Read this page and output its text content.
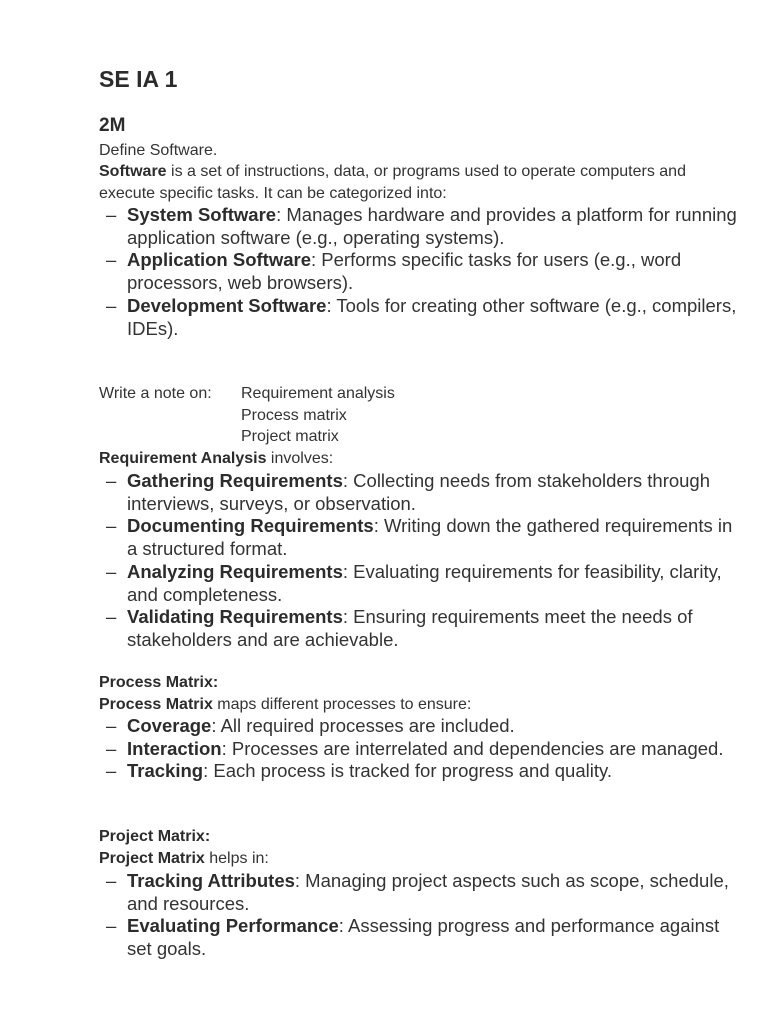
SE IA 1
2M
Define Software.
Software is a set of instructions, data, or programs used to operate computers and execute specific tasks. It can be categorized into:
– System Software: Manages hardware and provides a platform for running application software (e.g., operating systems).
– Application Software: Performs specific tasks for users (e.g., word processors, web browsers).
– Development Software: Tools for creating other software (e.g., compilers, IDEs).
Write a note on: Requirement analysis
Process matrix
Project matrix
Requirement Analysis involves:
– Gathering Requirements: Collecting needs from stakeholders through interviews, surveys, or observation.
– Documenting Requirements: Writing down the gathered requirements in a structured format.
– Analyzing Requirements: Evaluating requirements for feasibility, clarity, and completeness.
– Validating Requirements: Ensuring requirements meet the needs of stakeholders and are achievable.
Process Matrix:
Process Matrix maps different processes to ensure:
– Coverage: All required processes are included.
– Interaction: Processes are interrelated and dependencies are managed.
– Tracking: Each process is tracked for progress and quality.
Project Matrix:
Project Matrix helps in:
– Tracking Attributes: Managing project aspects such as scope, schedule, and resources.
– Evaluating Performance: Assessing progress and performance against set goals.
